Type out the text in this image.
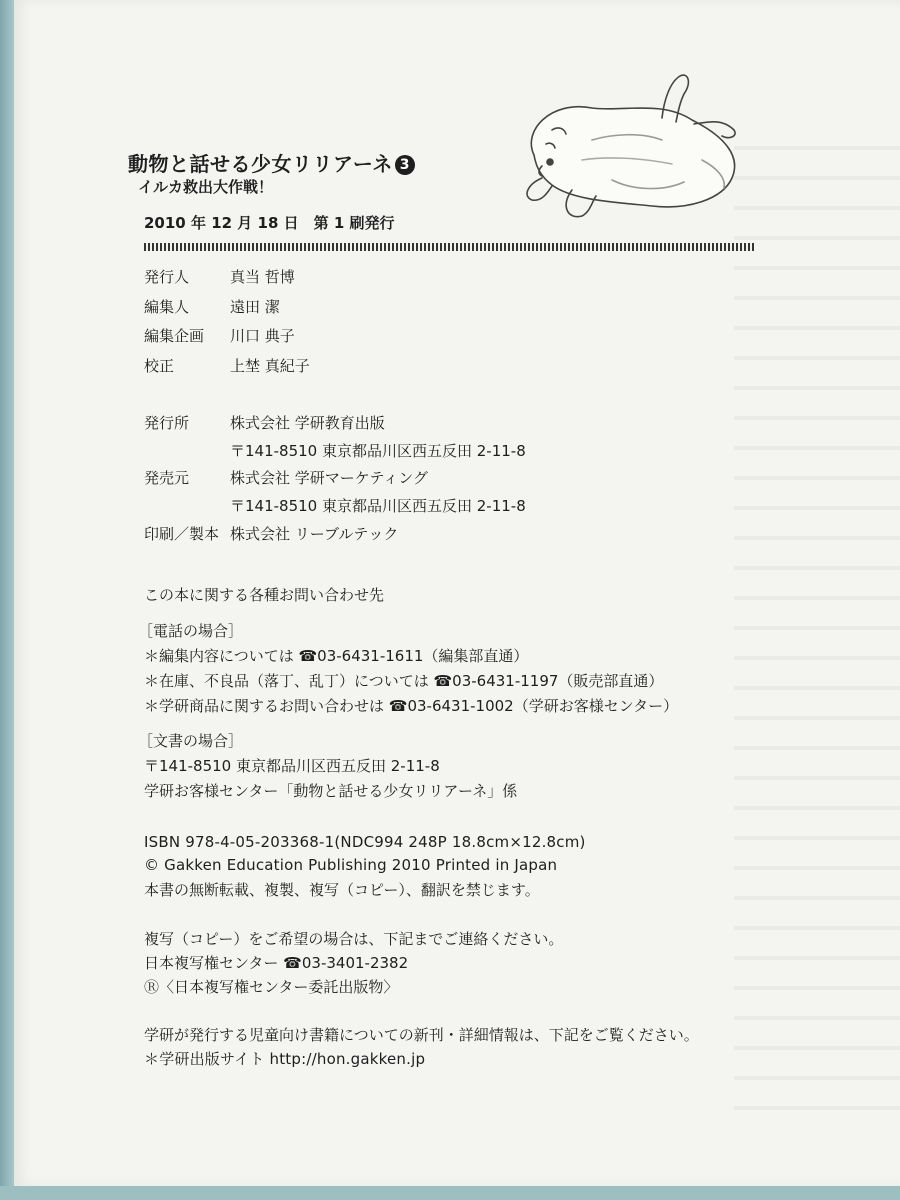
動物と話せる少女リリアーネ 3
イルカ救出大作戦！
2010 年 12 月 18 日　第 1 刷発行
発行人	真当 哲博
編集人	遠田 潔
編集企画 川口 典子
校正	上埜 真紀子
発行所	株式会社 学研教育出版
〒141-8510 東京都品川区西五反田 2-11-8
発売元	株式会社 学研マーケティング
〒141-8510 東京都品川区西五反田 2-11-8
印刷／製本 株式会社 リーブルテック
この本に関する各種お問い合わせ先
［電話の場合］
＊編集内容については ☎03-6431-1611（編集部直通）
＊在庫、不良品（落丁、乱丁）については ☎03-6431-1197（販売部直通）
＊学研商品に関するお問い合わせは ☎03-6431-1002（学研お客様センター）
［文書の場合］
〒141-8510 東京都品川区西五反田 2-11-8
学研お客様センター「動物と話せる少女リリアーネ」係
ISBN 978-4-05-203368-1(NDC994 248P 18.8cm×12.8cm)
© Gakken Education Publishing 2010 Printed in Japan
本書の無断転載、複製、複写（コピー）、翻訳を禁じます。
複写（コピー）をご希望の場合は、下記までご連絡ください。
日本複写権センター ☎03-3401-2382
Ⓡ〈日本複写権センター委託出版物〉
学研が発行する児童向け書籍についての新刊・詳細情報は、下記をご覧ください。
＊学研出版サイト http://hon.gakken.jp
